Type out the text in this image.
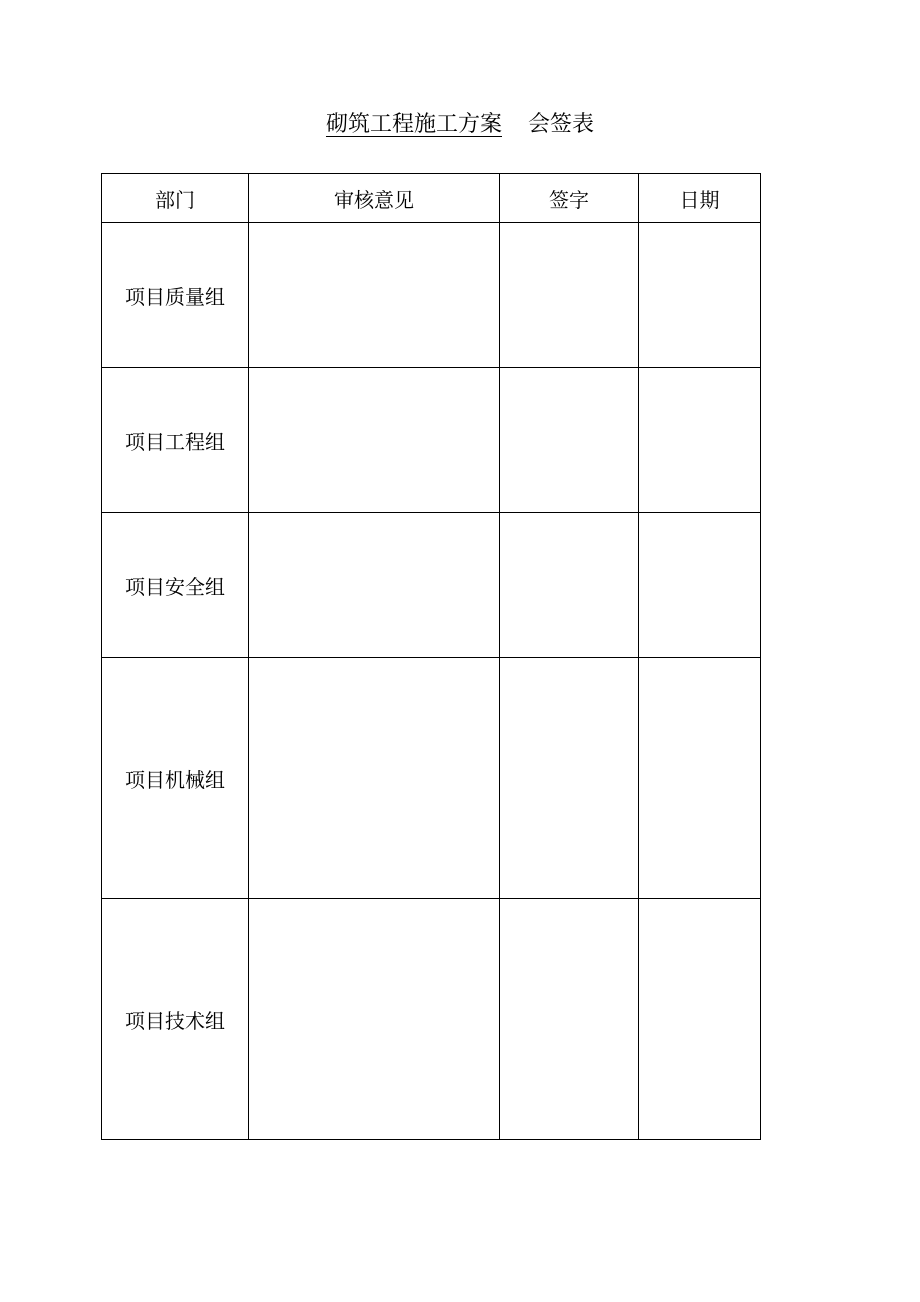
砌筑工程施工方案 会签表
部门	审核意见	签字	日期
项目质量组			
项目工程组			
项目安全组			
项目机械组			
项目技术组			
